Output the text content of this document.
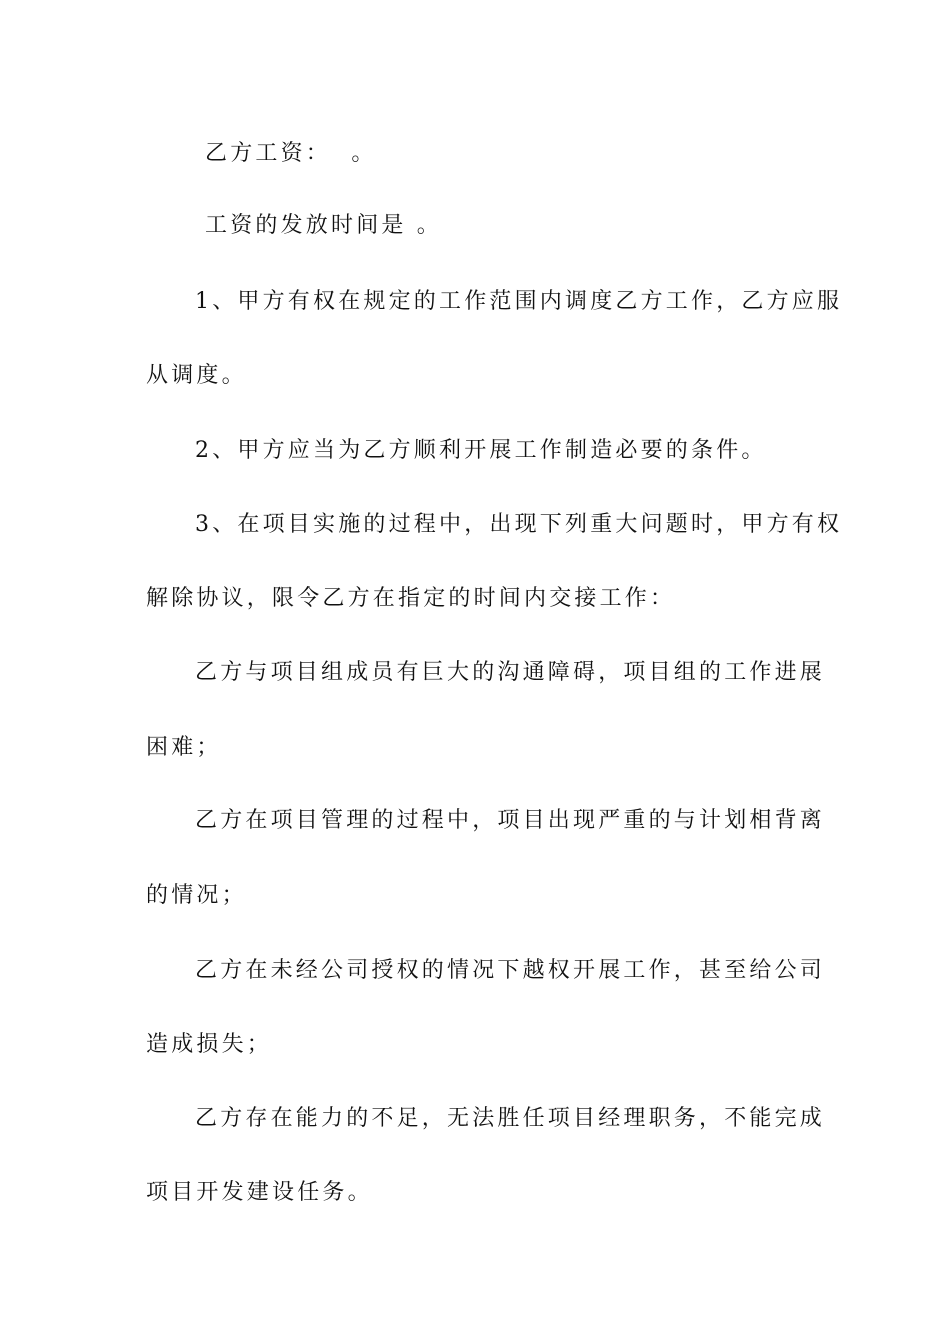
乙方工资：  。
工资的发放时间是 。
1、甲方有权在规定的工作范围内调度乙方工作，乙方应服
从调度。
2、甲方应当为乙方顺利开展工作制造必要的条件。
3、在项目实施的过程中，出现下列重大问题时，甲方有权
解除协议，限令乙方在指定的时间内交接工作：
乙方与项目组成员有巨大的沟通障碍，项目组的工作进展
困难；
乙方在项目管理的过程中，项目出现严重的与计划相背离
的情况；
乙方在未经公司授权的情况下越权开展工作，甚至给公司
造成损失；
乙方存在能力的不足，无法胜任项目经理职务，不能完成
项目开发建设任务。
